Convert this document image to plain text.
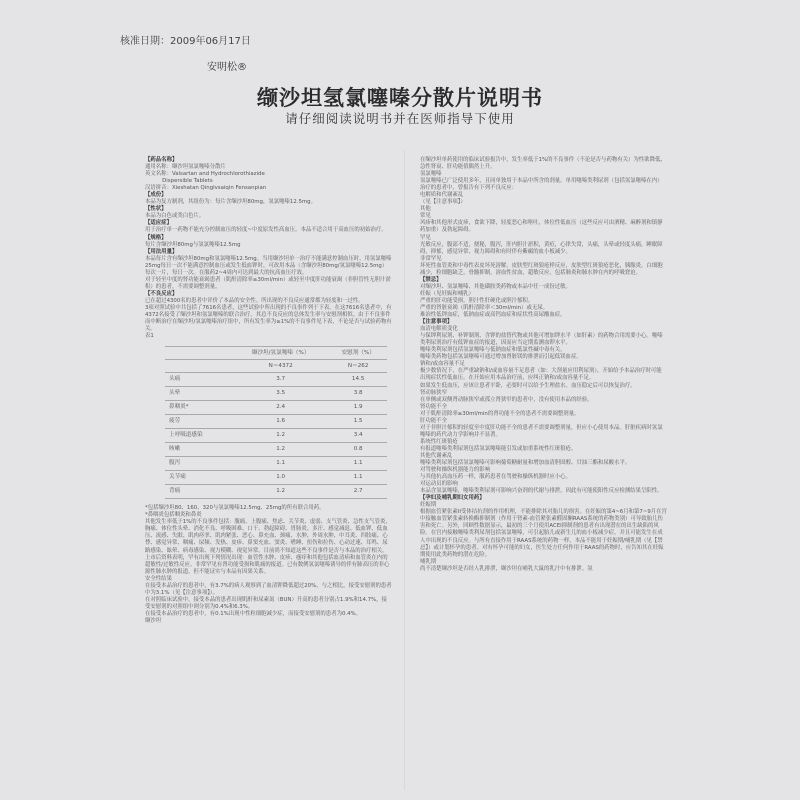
核准日期：2009年06月17日
安明松®
缬沙坦氢氯噻嗪分散片说明书
请仔细阅读说明书并在医师指导下使用

【药品名称】

通用名称：缬沙坦氢氯噻嗪分散片

英文名称：Valsartan and Hydrochlorothiazide

Dispersible Tablets

汉语拼音：Xieshatan Qinglvsaiqin Fensanpian

【成份】

本品为复方制剂，其组份为：每片含缬沙坦80mg，氢氯噻嗪12.5mg。

【性状】

本品为白色或类白色片。

【适应症】

用于治疗单一药物不能充分控制血压的轻度~中度原发性高血压。本品不适合用于高血压的初始治疗。

【规格】

每片含缬沙坦80mg与氢氯噻嗪12.5mg

【用法用量】

本品每片含有缬沙坦80mg和氢氯噻嗪12.5mg。当用缬沙坦单一治疗不能满意控制血压时，用氢氯噻嗪25mg每日一次不能满意控制血压或发生低血钾时，可改用本品（含缬沙坦80mg/氢氯噻嗪12.5mg）每次一片，每日一次。在服药2~4周内可达到最大的抗高血压疗效。

对于轻至中度的肾功能衰竭患者（肌酐清除率≥30ml/min）或轻至中度肝功能衰竭（非胆管性无胆汁淤积）的患者，不需要调整剂量。

【不良反应】

已在超过4300名的患者中评价了本品的安全性。所出现的不良反应通常都为轻度和一过性。

3项对照试验中共包括了7616名患者，这些试验中所出现的不良事件列于下表。在这7616名患者中，有4372名接受了缬沙坦和氢氯噻嗪的联合治疗。其总不良反应的总体发生率与安慰剂相似。由于不良事件而中断治疗在缬沙坦/氢氯噻嗪治疗组中，所有发生率为≥1%的不良事件见下表，不论是否与试验药物有关。

表1

	缬沙坦/氢氯噻嗪（%）	安慰剂（%）
	N＝4372	N＝262
头痛	3.7	14.5
头晕	3.5	3.8
鼻咽炎*	2.4	1.9
疲劳	1.6	1.5
上呼吸道感染	1.2	3.4
咳嗽	1.2	0.8
腹泻	1.1	1.1
关节痛	1.0	1.1
背痛	1.2	2.7

*包括缬沙坦80、160、320与氢氯噻嗪12.5mg、25mg的所有联合用药。

*鼻咽炎包括咽炎和鼻炎

其他发生率低于1%的不良事件包括：腹痛、上腹痛、焦虑、关节炎、虚弱、支气管炎、急性支气管炎、胸痛、体位性头晕、消化不良、呼吸困难、口干、勃起障碍、胃肠炎、多汗、感觉减退、低血钾、低血压、流感、失眠、肌肉痉挛、肌肉紧张、恶心、鼻充血、颈痛、水肿、外周水肿、中耳炎、四肢痛、心悸、感觉异常、咽痛、尿频、发热、皮疹、鼻窦充血、窦炎、嗜睡、扭伤和拉伤、心动过速、耳鸣、尿路感染、眩晕、病毒感染、视力模糊、视觉异常。目前尚不知道这些不良事件是否与本品的治疗相关。

上市后资料表明，罕有出现下列情况出现：血管性水肿、皮疹、瘙痒和其他包括血清病和血管炎在内的超敏性/过敏性反应。非常罕见有肾功能受损和肌痛的报道。已有数例氢氯噻嗪诱导的伴有肺高压的非心源性肺水肿的报道，但不能证实与本品有因果关系。

安全性结果

在接受本品治疗的患者中，有3.7%的病人观察到了血清钾降低超过20%，与之相比，接受安慰剂的患者中为3.1%（见【注意事项】）。

在对照临床试验中，接受本品的患者出现肌酐和尿素氮（BUN）升高的患者分别占1.9%和14.7%，接受安慰剂的对照组中则分别为0.4%和6.3%。

在接受本品治疗的患者中，有0.1%出现中性粒细胞减少症，而接受安慰剂的患者为0.4%。

缬沙坦

在缬沙坦单药使用的临床试验报告中，发生率低于1%的不良事件（不论是否与药物有关）为性欲降低、急性肾衰、肝功能值偶然上升。

氢氯噻嗪

氢氯噻嗪已广泛使用多年，且同单独用于本品中所含的剂量。单用噻嗪类利尿剂（包括氢氯噻嗪在内）治疗的患者中，曾报告有下列不良反应：

电解质和代谢紊乱

（见【注意事项】）

其他

常见

风疹和其他形式皮疹，食欲下降，轻度恶心和呕吐，体位性低血压（这些反应可由酒精、麻醉剂和镇静药加重）及勃起障碍。

罕见

光敏反应，腹部不适，便秘，腹泻，肝内胆汁淤积，黄疸，心律失常，头痛，头晕或轻度头痛，睡眠障碍，抑郁，感觉异常，视力障碍和有时伴有紫癜的血小板减少。

非常罕见

坏死性血管炎和中毒性表皮坏死溶解，皮肤型红斑狼疮样反应，皮肤型红斑狼疮恶化，胰腺炎，白细胞减少，粒细胞缺乏，骨髓抑制，溶血性贫血，超敏反应，包括肺炎和肺水肿在内的呼吸窘迫。

【禁忌】

对缬沙坦、氢氯噻嗪、其他磺胺类药物或本品中任一成份过敏。

妊娠（见妊娠和哺乳）

严重的肝功能受损，胆汁性肝硬化或胆汁郁积。

严重的肾脏衰竭（肌酐清除率＜30ml/min）或无尿。

难治性低钾血症，低钠血症或高钙血症和症状性高尿酸血症。

【注意事项】

血清电解质变化

与保钾利尿剂、补钾制剂、含钾的盐替代物或其他可增加钾水平（如肝素）的药物合用需要小心。噻嗪类利尿剂治疗有低钾血症的报道，因而应当定期监测血钾水平。

噻嗪类利尿剂包括氢氯噻嗪与低钠血症和低氯性碱中毒有关。

噻嗪类药物包括氢氯噻嗪可通过增加肾脏镁的排泄而引起低镁血症。

钠和/或血容量不足

极少数情况下，在严重缺钠和/或血容量不足患者（如：大剂量应用利尿剂），开始给予本品治疗时可能出现症状性低血压。在开始应用本品治疗前，应纠正钠和/或血容量不足。

如果发生低血压，应该让患者平卧，必要时可以给予生理盐水。血压稳定后可以恢复治疗。

肾动脉狭窄

在单侧或双侧肾动脉狭窄或孤立肾狭窄的患者中，没有使用本品的经验。

肾功能不全

对于肌酐清除率≥30ml/min的肾功能不全的患者不需要调整剂量。

肝功能不全

对于非胆汁郁积的轻度至中度肝功能不全的患者不需要调整剂量，但应小心使用本品。肝脏疾病时氢氯噻嗪的药代动力学影响并不显著。

系统性红斑狼疮

有报道噻嗪类利尿剂包括氢氯噻嗪能引发或加重系统性红斑狼疮。

其他代谢紊乱

噻嗪类利尿剂包括氢氯噻嗪可影响葡萄糖耐量和增加血清胆固醇、甘油三酯和尿酸水平。

对驾驶和操纵机器能力的影响

与其他抗高血压药一样，服药患者在驾驶和操纵机器时应小心。

对运动员的影响

本品含氢氯噻嗪，噻嗪类利尿剂可影响兴奋剂的代谢与排泄，因此有可能使阳性反应检测结果呈阳性。

【孕妇及哺乳期妇女用药】

妊娠期

根据血管紧张素II受体拮抗剂的作用机理，不能排除其对胎儿的损害。在妊娠的第4~6月和第7~9月在宫中接触血管紧张素转换酶抑制剂（作用于肾素-血管紧张素醛固酮RAAS系统的药物类别）可导致胎儿伤害和死亡。另外，回顾性数据显示，最初的三个月使用ACEI抑制剂的患者有出现潜在的出生缺陷的风险。在宫内接触噻嗪类利尿剂包括氢氯噻嗪，可引起胎儿或新生儿的血小板减少症，并且可能发生在成人中出现的不良反应。与所有直接作用于RAAS系统的药物一样，本品不能用于妊娠期/哺乳期（见【禁忌】）或计划怀孕的患者。对有怀孕可能的妇女，医生处方任何作用于RAAS的药物时，应告知其在妊娠期使用此类药物的潜在危险。

哺乳期

尚不清楚缬沙坦是否经人乳排泄，缬沙坦在哺乳大鼠的乳汁中有排泄。氢
